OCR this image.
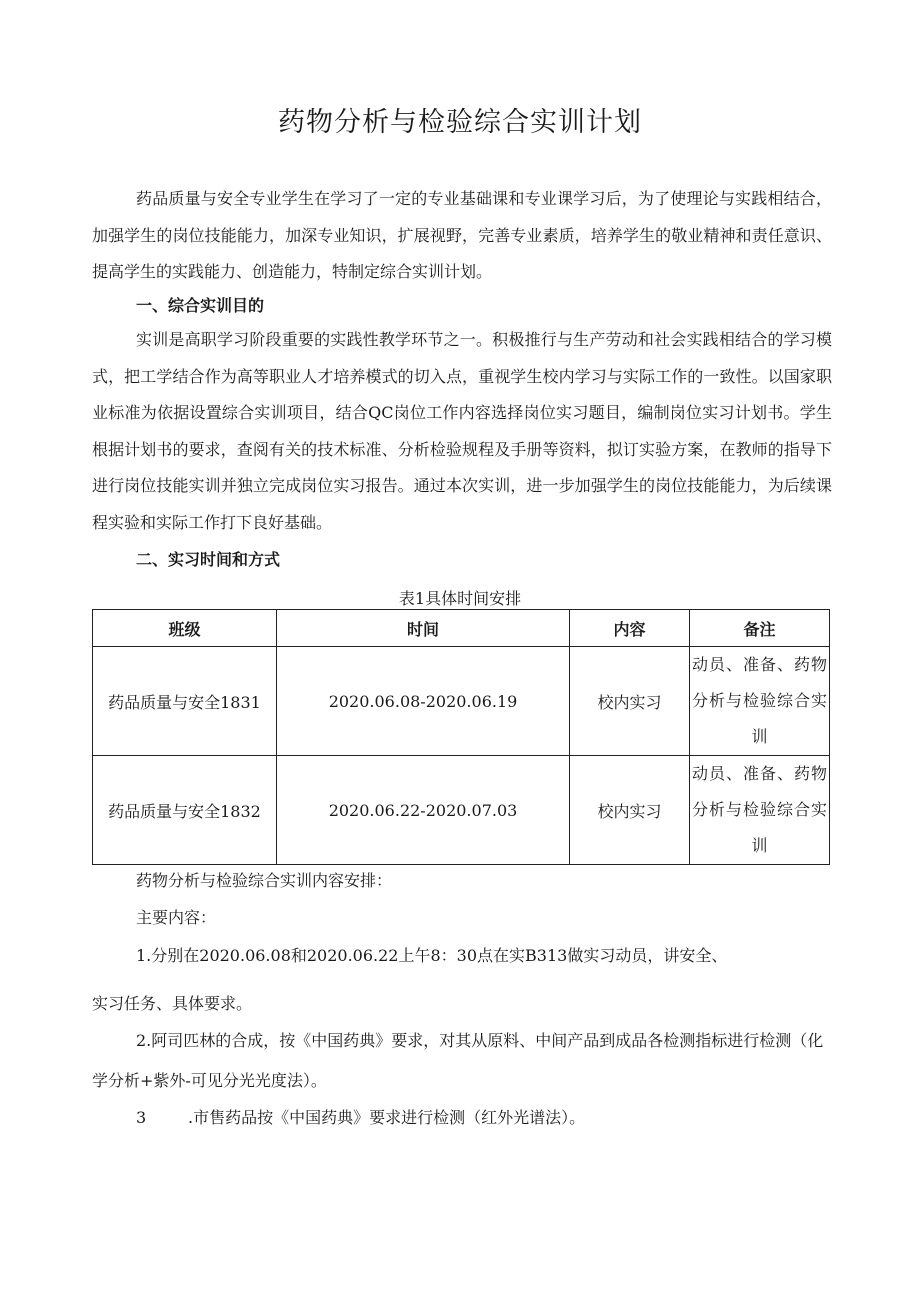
药物分析与检验综合实训计划
药品质量与安全专业学生在学习了一定的专业基础课和专业课学习后，为了使理论与实践相结合，加强学生的岗位技能能力，加深专业知识，扩展视野，完善专业素质，培养学生的敬业精神和责任意识、提高学生的实践能力、创造能力，特制定综合实训计划。
一、综合实训目的
实训是高职学习阶段重要的实践性教学环节之一。积极推行与生产劳动和社会实践相结合的学习模式，把工学结合作为高等职业人才培养模式的切入点，重视学生校内学习与实际工作的一致性。以国家职业标准为依据设置综合实训项目，结合QC岗位工作内容选择岗位实习题目，编制岗位实习计划书。学生根据计划书的要求，查阅有关的技术标准、分析检验规程及手册等资料，拟订实验方案，在教师的指导下进行岗位技能实训并独立完成岗位实习报告。通过本次实训，进一步加强学生的岗位技能能力，为后续课程实验和实际工作打下良好基础。
二、实习时间和方式
表1具体时间安排
班级	时间	内容	备注
药品质量与安全1831	2020.06.08-2020.06.19	校内实习	动员、准备、药物分析与检验综合实训
药品质量与安全1832	2020.06.22-2020.07.03	校内实习	动员、准备、药物分析与检验综合实训
药物分析与检验综合实训内容安排：
主要内容：
1.分别在2020.06.08和2020.06.22上午8：30点在实B313做实习动员，讲安全、
实习任务、具体要求。
2.阿司匹林的合成，按《中国药典》要求，对其从原料、中间产品到成品各检测指标进行检测（化学分析+紫外-可见分光光度法）。
3	.市售药品按《中国药典》要求进行检测（红外光谱法）。
